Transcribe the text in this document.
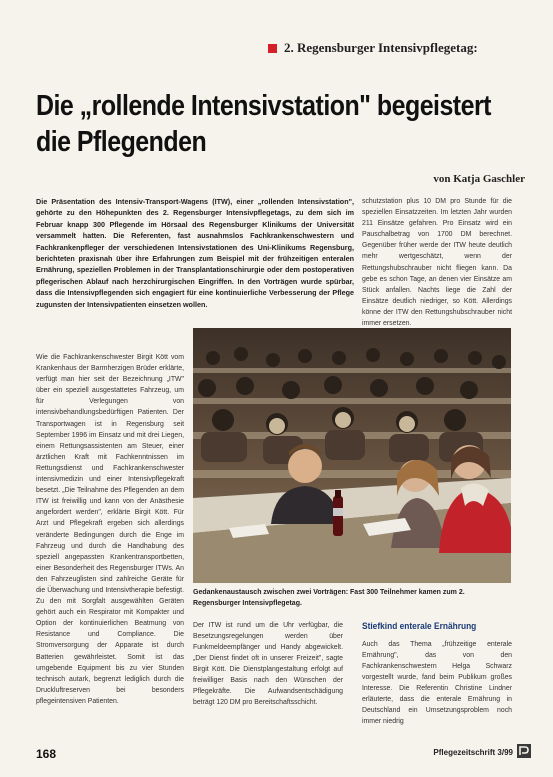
2. Regensburger Intensivpflegetag:
Die „rollende Intensivstation" begeistert
die Pflegenden
von Katja Gaschler
Die Präsentation des Intensiv-Transport-Wagens (ITW), einer „rollenden Intensivstation", gehörte zu den Höhepunkten des 2. Regensburger Intensivpflegetags, zu dem sich im Februar knapp 300 Pflegende im Hörsaal des Regensburger Klinikums der Universität versammelt hatten. Die Referenten, fast ausnahmslos Fachkrankenschwestern und Fachkrankenpfleger der verschiedenen Intensivstationen des Uni-Klinikums Regensburg, berichteten praxisnah über ihre Erfahrungen zum Beispiel mit der frühzeitigen enteralen Ernährung, speziellen Problemen in der Transplantationschirurgie oder dem postoperativen pflegerischen Ablauf nach herzchirurgischen Eingriffen. In den Vorträgen wurde spürbar, dass die Intensivpflegenden sich engagiert für eine kontinuierliche Verbesserung der Pflege zugunsten der Intensivpatienten einsetzen wollen.
schutzstation plus 10 DM pro Stunde für die speziellen Einsatzzeiten. Im letzten Jahr wurden 211 Einsätze gefahren. Pro Einsatz wird ein Pauschalbetrag von 1700 DM berechnet. Gegenüber früher werde der ITW heute deutlich mehr wertgeschätzt, wenn der Rettungshubschrauber nicht fliegen kann. Da gebe es schon Tage, an denen vier Einsätze am Stück anfallen. Nachts liege die Zahl der Einsätze deutlich niedriger, so Kött. Allerdings könne der ITW den Rettungshubschrauber nicht immer ersetzen.
Wie die Fachkrankenschwester Birgit Kött vom Krankenhaus der Barmherzigen Brüder erklärte, verfügt man hier seit der Bezeichnung „ITW" über ein speziell ausgestattetes Fahrzeug, um für Verlegungen von intensivbehandlungsbedürftigen Patienten. Der Transportwagen ist in Regensburg seit September 1996 im Einsatz und mit drei Liegen, einem Rettungsassistenten am Steuer, einer ärztlichen Kraft mit Fachkenntnissen im Rettungsdienst und Fachkrankenschwester intensivmedizin und einer Intensivpflegekraft besetzt. „Die Teilnahme des Pflegenden an dem ITW ist freiwillig und kann von der Anästhesie angefordert werden", erklärte Birgit Kött. Für Arzt und Pflegekraft ergeben sich allerdings veränderte Bedingungen durch die Enge im Fahrzeug und durch die Handhabung des speziell angepassten Krankentransportbetten, einer Besonderheit des Regensburger ITWs. An den Fahrzeuglisten sind zahlreiche Geräte für die Überwachung und Intensivtherapie befestigt. Zu den mit Sorgfalt ausgewählten Geräten gehört auch ein Respirator mit Kompakter und Option der kontinuierlichen Beatmung von Resistance und Compliance. Die Stromversorgung der Apparate ist durch Batterien gewährleistet. Somit ist das umgebende Equipment bis zu vier Stunden technisch autark, begrenzt lediglich durch die Druckluftreserven bei besonders pflegeintensiven Patienten.
Gedankenaustausch zwischen zwei Vorträgen: Fast 300 Teilnehmer kamen zum 2. Regensburger Intensivpflegetag.
Der ITW ist rund um die Uhr verfügbar, die Besetzungsregelungen werden über Funkmeldeempfänger und Handy abgewickelt. „Der Dienst findet oft in unserer Freizeit", sagte Birgit Kött. Die Dienstplangestaltung erfolgt auf freiwilliger Basis nach den Wünschen der Pflegekräfte. Die Aufwandsentschädigung beträgt 120 DM pro Bereitschaftsschicht.
Stiefkind enterale Ernährung
Auch das Thema „frühzeitige enterale Ernährung", das von den Fachkrankenschwestern Helga Schwarz vorgestellt wurde, fand beim Publikum großes Interesse. Die Referentin Christine Lindner erläuterte, dass die enterale Ernährung in Deutschland ein Umsetzungsproblem noch immer niedrig
168	Pflegezeitschrift 3/99
